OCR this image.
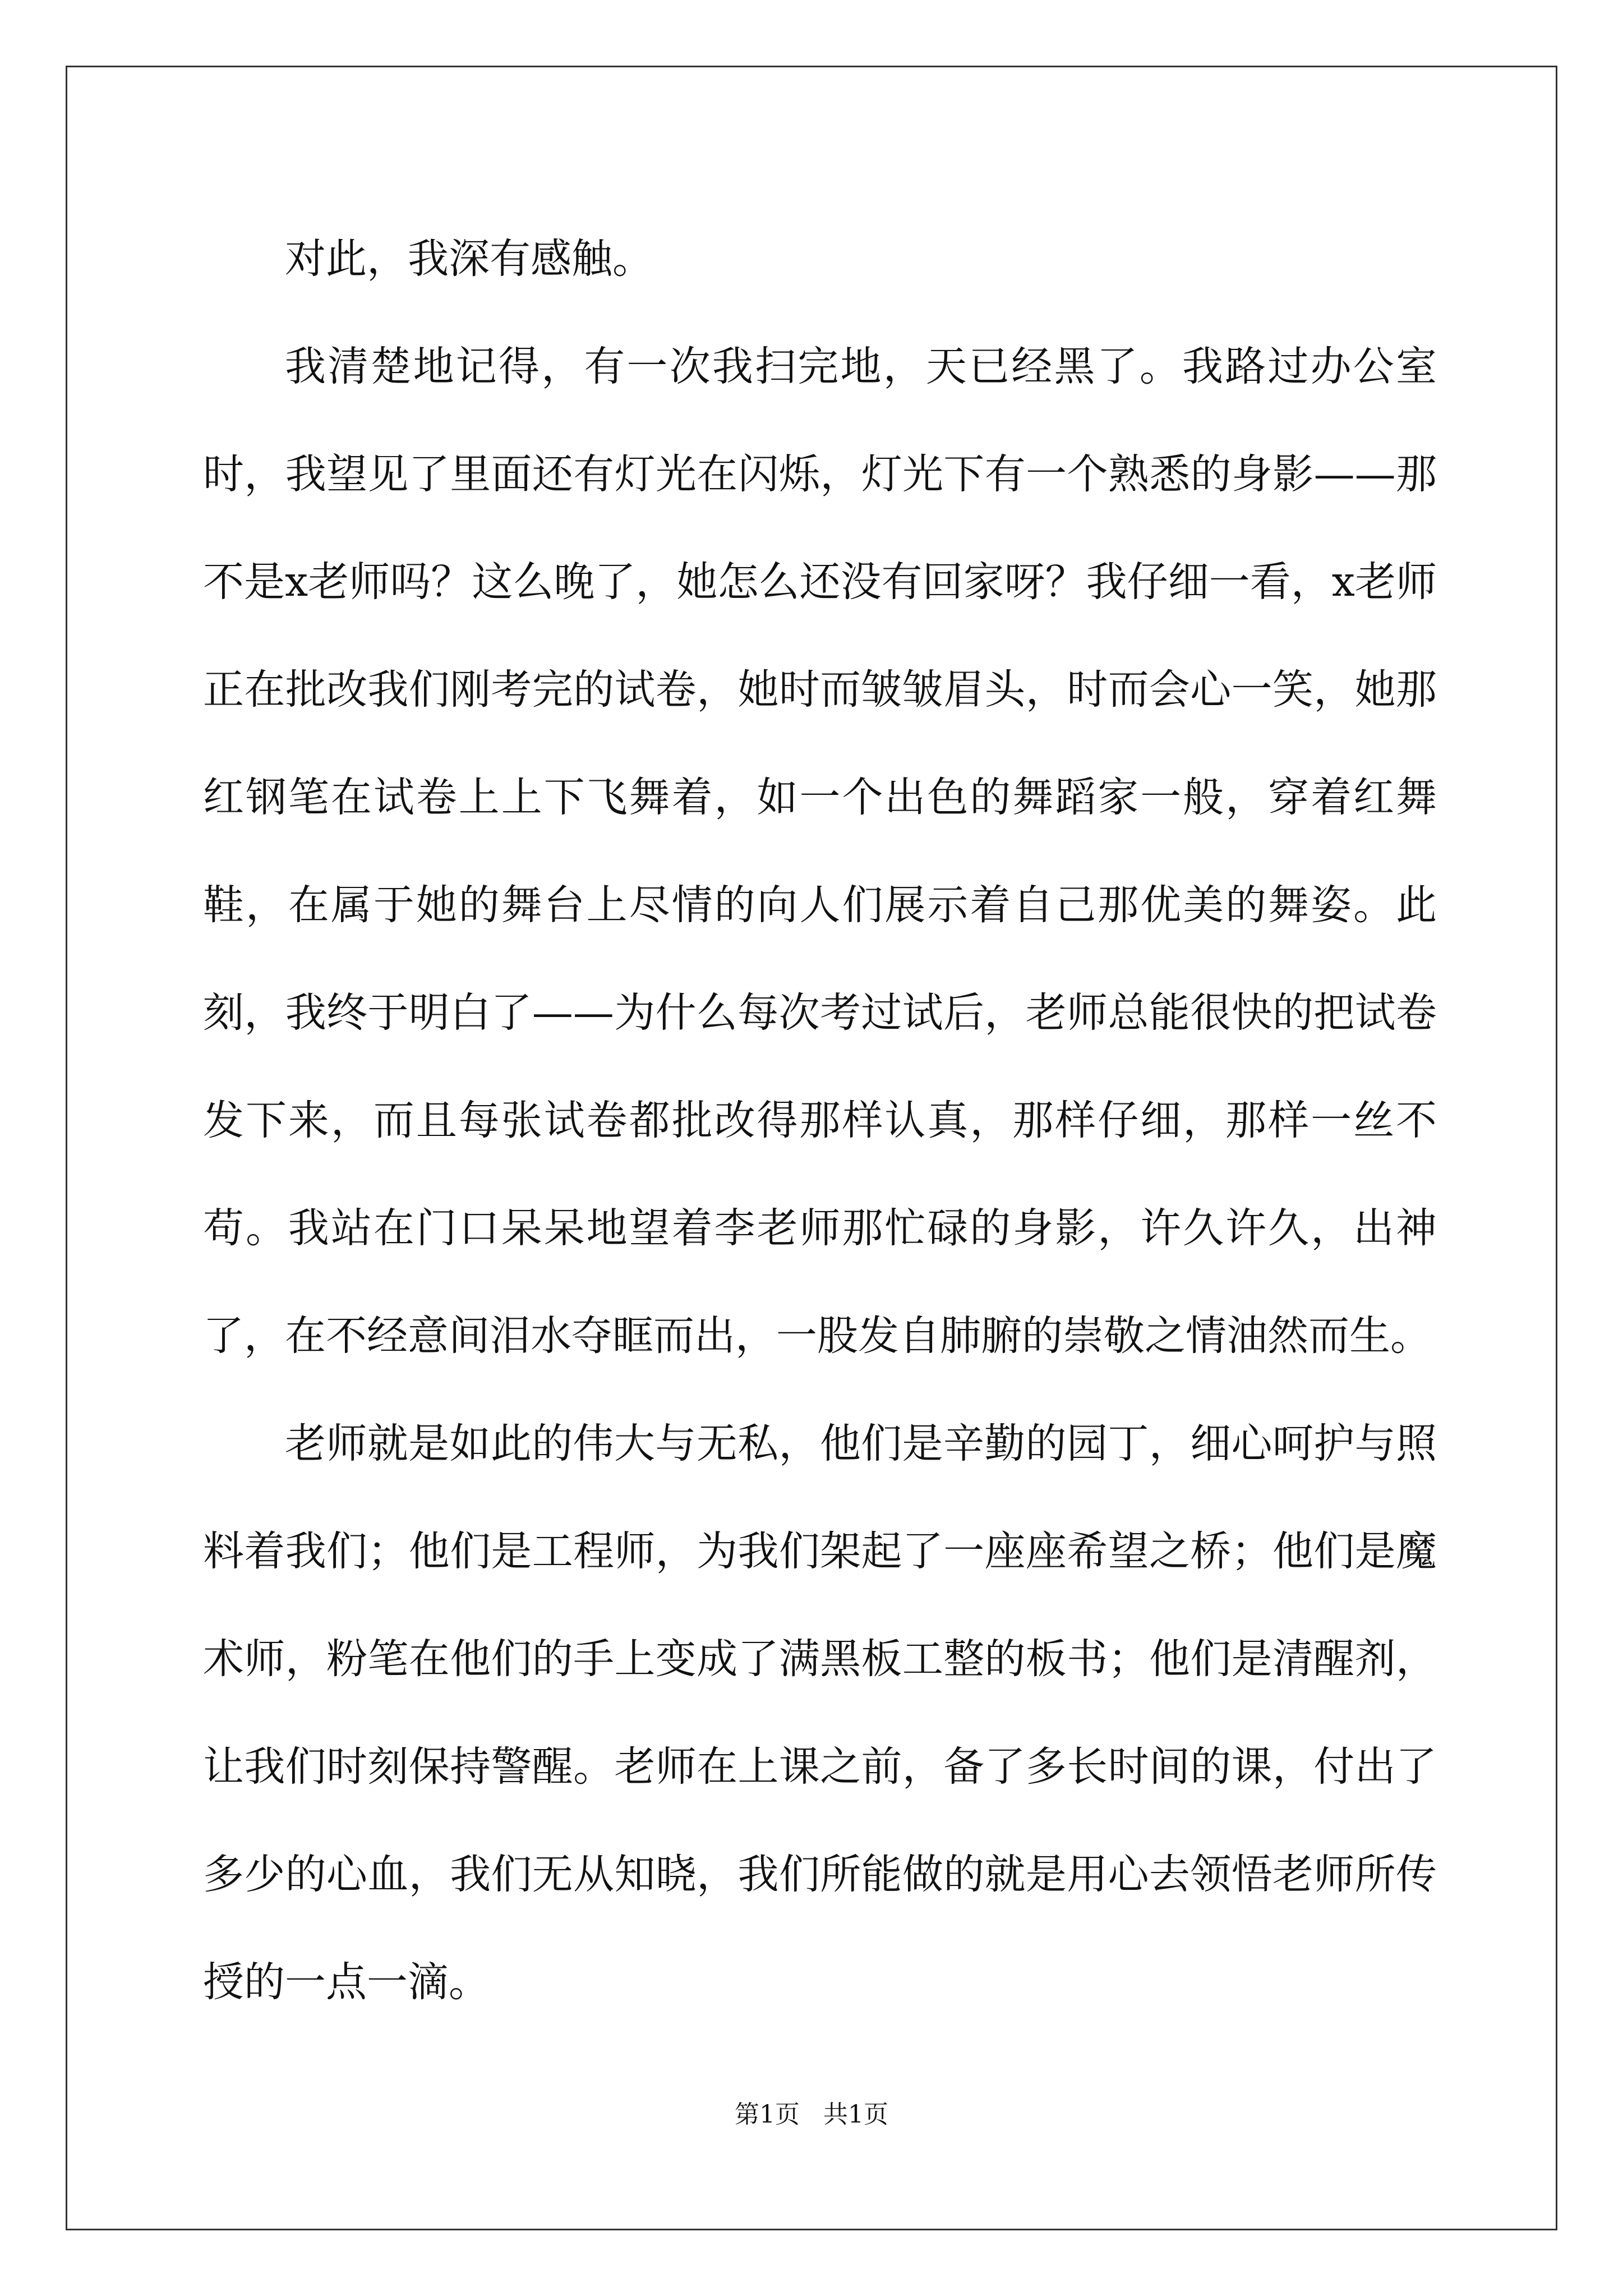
对此，我深有感触。

我清楚地记得，有一次我扫完地，天已经黑了。我路过办公室时，我望见了里面还有灯光在闪烁，灯光下有一个熟悉的身影——那不是x老师吗？这么晚了，她怎么还没有回家呀？我仔细一看，x老师正在批改我们刚考完的试卷，她时而皱皱眉头，时而会心一笑，她那红钢笔在试卷上上下飞舞着，如一个出色的舞蹈家一般，穿着红舞鞋，在属于她的舞台上尽情的向人们展示着自己那优美的舞姿。此刻，我终于明白了——为什么每次考过试后，老师总能很快的把试卷发下来，而且每张试卷都批改得那样认真，那样仔细，那样一丝不苟。我站在门口呆呆地望着李老师那忙碌的身影，许久许久，出神了，在不经意间泪水夺眶而出，一股发自肺腑的崇敬之情油然而生。

老师就是如此的伟大与无私，他们是辛勤的园丁，细心呵护与照料着我们；他们是工程师，为我们架起了一座座希望之桥；他们是魔术师，粉笔在他们的手上变成了满黑板工整的板书；他们是清醒剂，让我们时刻保持警醒。老师在上课之前，备了多长时间的课，付出了多少的心血，我们无从知晓，我们所能做的就是用心去领悟老师所传授的一点一滴。

第1页   共1页
